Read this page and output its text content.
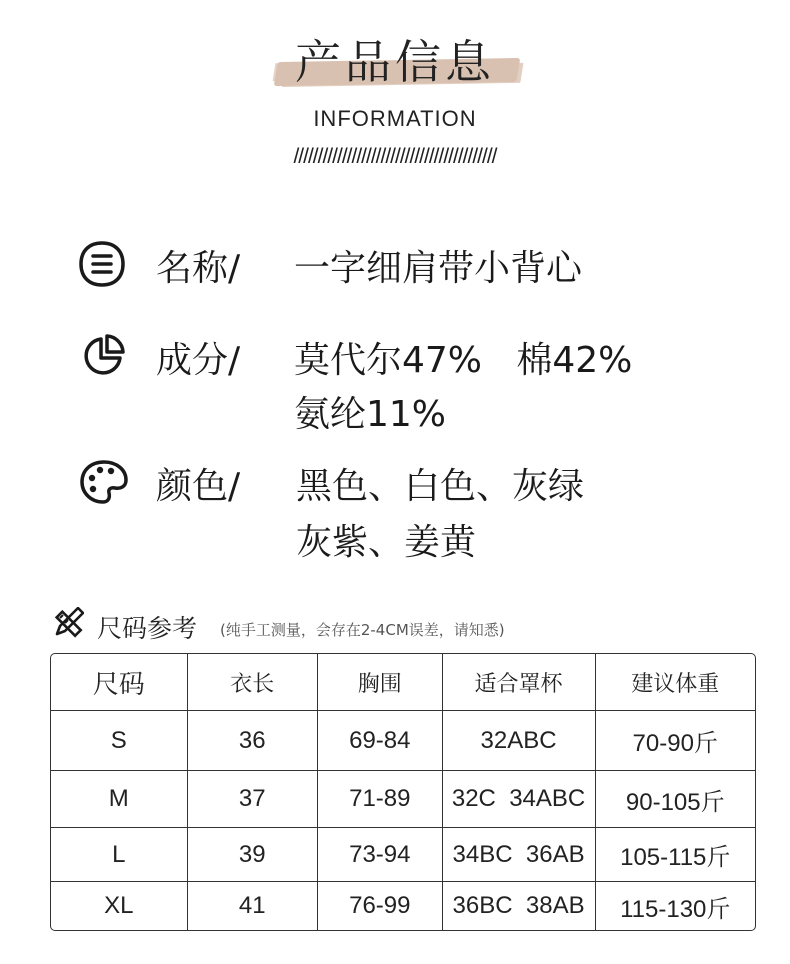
产品信息
INFORMATION
//////////////////////////////////////////
名称/ 一字细肩带小背心
成分/ 莫代尔47%   棉42%
氨纶11%
颜色/ 黑色、白色、灰绿
灰紫、姜黄
尺码参考 (纯手工测量，会存在2-4CM误差，请知悉)
尺码	衣长	胸围	适合罩杯	建议体重
S	36	69-84	32ABC	70-90斤
M	37	71-89	32C  34ABC	90-105斤
L	39	73-94	34BC  36AB	105-115斤
XL	41	76-99	36BC  38AB	115-130斤
